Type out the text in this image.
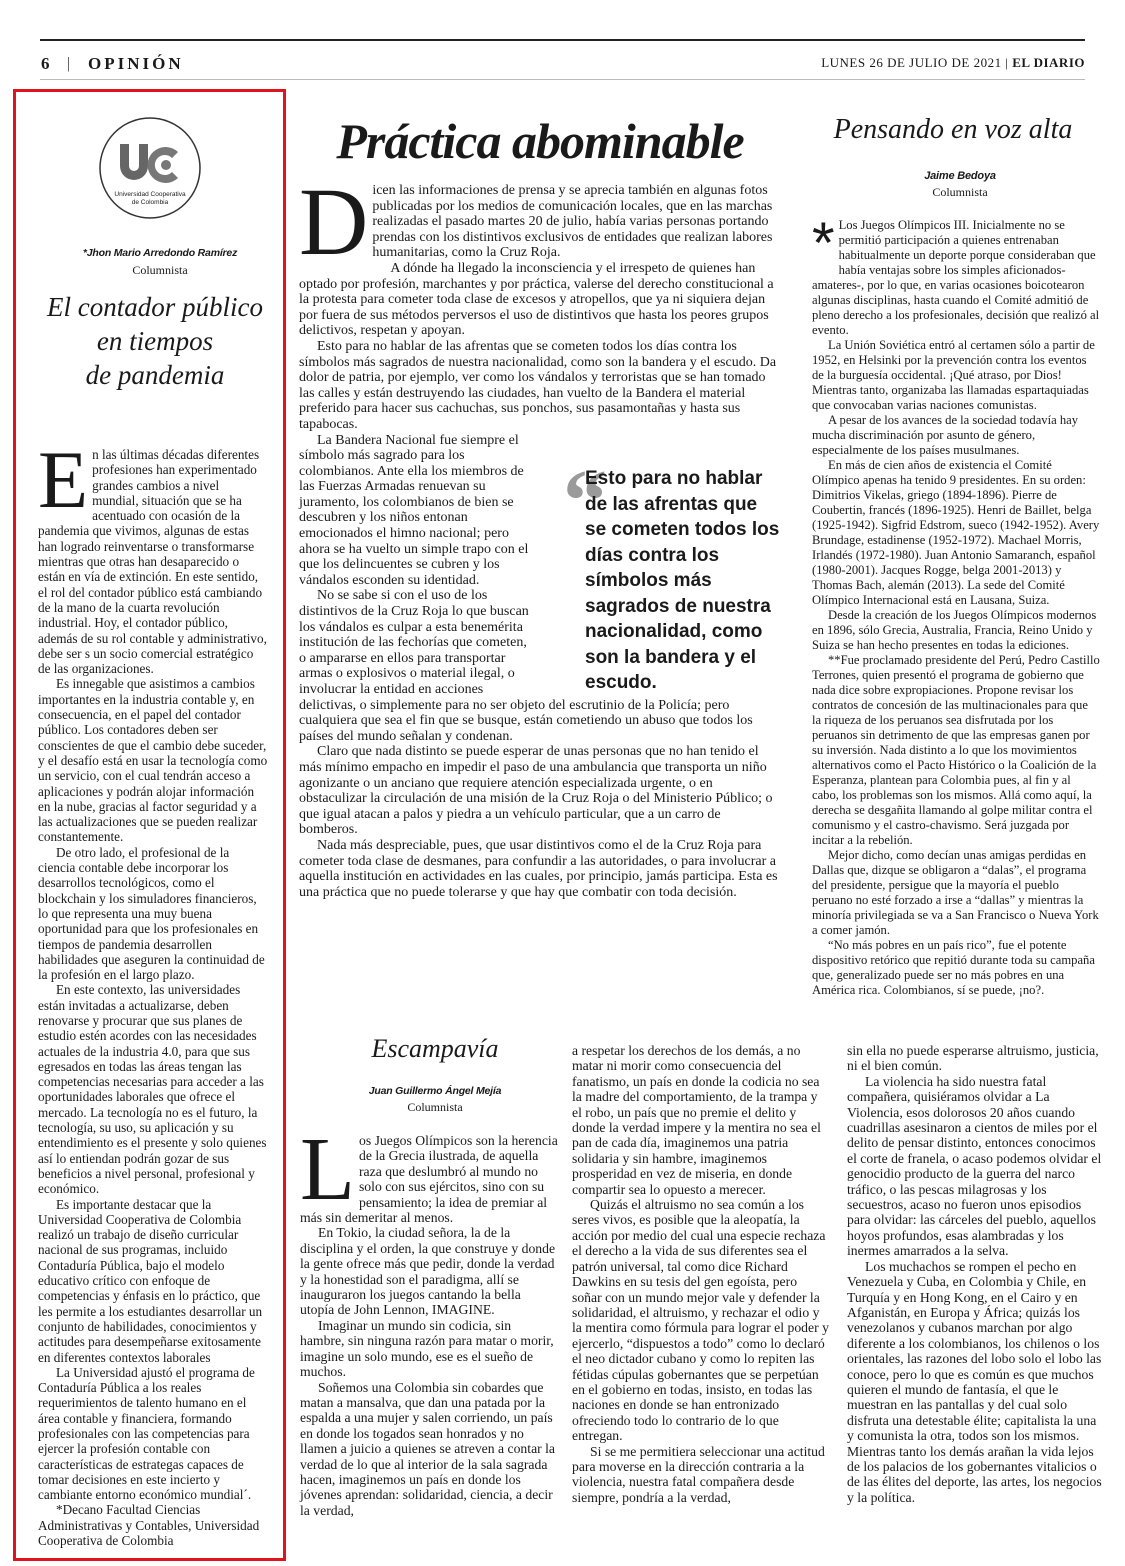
6 | OPINIÓN	LUNES 26 DE JULIO DE 2021 | EL DIARIO
Universidad Cooperativa
de Colombia
*Jhon Mario Arredondo Ramírez
Columnista
El contador público
en tiempos
de pandemia

En las últimas décadas diferentes profesiones han experimentado grandes cambios a nivel mundial, situación que se ha acentuado con ocasión de la pandemia que vivimos, algunas de estas han logrado reinventarse o transformarse mientras que otras han desaparecido o están en vía de extinción. En este sentido, el rol del contador público está cambiando de la mano de la cuarta revolución industrial. Hoy, el contador público, además de su rol contable y administrativo, debe ser s un socio comercial estratégico de las organizaciones.

Es innegable que asistimos a cambios importantes en la industria contable y, en consecuencia, en el papel del contador público. Los contadores deben ser conscientes de que el cambio debe suceder, y el desafío está en usar la tecnología como un servicio, con el cual tendrán acceso a aplicaciones y podrán alojar información en la nube, gracias al factor seguridad y a las actualizaciones que se pueden realizar constantemente.

De otro lado, el profesional de la ciencia contable debe incorporar los desarrollos tecnológicos, como el blockchain y los simuladores financieros, lo que representa una muy buena oportunidad para que los profesionales en tiempos de pandemia desarrollen habilidades que aseguren la continuidad de la profesión en el largo plazo.

En este contexto, las universidades están invitadas a actualizarse, deben renovarse y procurar que sus planes de estudio estén acordes con las necesidades actuales de la industria 4.0, para que sus egresados en todas las áreas tengan las competencias necesarias para acceder a las oportunidades laborales que ofrece el mercado. La tecnología no es el futuro, la tecnología, su uso, su aplicación y su entendimiento es el presente y solo quienes así lo entiendan podrán gozar de sus beneficios a nivel personal, profesional y económico.

Es importante destacar que la Universidad Cooperativa de Colombia realizó un trabajo de diseño curricular nacional de sus programas, incluido Contaduría Pública, bajo el modelo educativo crítico con enfoque de competencias y énfasis en lo práctico, que les permite a los estudiantes desarrollar un conjunto de habilidades, conocimientos y actitudes para desempeñarse exitosamente en diferentes contextos laborales

La Universidad ajustó el programa de Contaduría Pública a los reales requerimientos de talento humano en el área contable y financiera, formando profesionales con las competencias para ejercer la profesión contable con características de estrategas capaces de tomar decisiones en este incierto y cambiante entorno económico mundial´.

*Decano Facultad Ciencias Administrativas y Contables, Universidad Cooperativa de Colombia

Práctica abominable

Dicen las informaciones de prensa y se aprecia también en algunas fotos publicadas por los medios de comunicación locales, que en las marchas realizadas el pasado martes 20 de julio, había varias personas portando prendas con los distintivos exclusivos de entidades que realizan labores humanitarias, como la Cruz Roja.

A dónde ha llegado la inconsciencia y el irrespeto de quienes han optado por profesión, marchantes y por práctica, valerse del derecho constitucional a la protesta para cometer toda clase de excesos y atropellos, que ya ni siquiera dejan por fuera de sus métodos perversos el uso de distintivos que hasta los peores grupos delictivos, respetan y apoyan.

Esto para no hablar de las afrentas que se cometen todos los días contra los símbolos más sagrados de nuestra nacionalidad, como son la bandera y el escudo. Da dolor de patria, por ejemplo, ver como los vándalos y terroristas que se han tomado las calles y están destruyendo las ciudades, han vuelto de la Bandera el material preferido para hacer sus cachuchas, sus ponchos, sus pasamontañas y hasta sus tapabocas.

La Bandera Nacional fue siempre el símbolo más sagrado para los colombianos. Ante ella los miembros de las Fuerzas Armadas renuevan su juramento, los colombianos de bien se descubren y los niños entonan emocionados el himno nacional; pero ahora se ha vuelto un simple trapo con el que los delincuentes se cubren y los vándalos esconden su identidad.

No se sabe si con el uso de los distintivos de la Cruz Roja lo que buscan los vándalos es culpar a esta benemérita institución de las fechorías que cometen, o ampararse en ellos para transportar armas o explosivos o material ilegal, o involucrar la entidad en acciones delictivas, o simplemente para no ser objeto del escrutinio de la Policía; pero cualquiera que sea el fin que se busque, están cometiendo un abuso que todos los países del mundo señalan y condenan.

Claro que nada distinto se puede esperar de unas personas que no han tenido el más mínimo empacho en impedir el paso de una ambulancia que transporta un niño agonizante o un anciano que requiere atención especializada urgente, o en obstaculizar la circulación de una misión de la Cruz Roja o del Ministerio Público; o que igual atacan a palos y piedra a un vehículo particular, que a un carro de bomberos.

Nada más despreciable, pues, que usar distintivos como el de la Cruz Roja para cometer toda clase de desmanes, para confundir a las autoridades, o para involucrar a aquella institución en actividades en las cuales, por principio, jamás participa. Esta es una práctica que no puede tolerarse y que hay que combatir con toda decisión.

“
Esto para no hablar de las afrentas que se cometen todos los días contra los símbolos más sagrados de nuestra nacionalidad, como son la bandera y el escudo.
Pensando en voz alta
Jaime Bedoya
Columnista

* Los Juegos Olímpicos III. Inicialmente no se permitió participación a quienes entrenaban habitualmente un deporte porque consideraban que había ventajas sobre los simples aficionados-amateres-, por lo que, en varias ocasiones boicotearon algunas disciplinas, hasta cuando el Comité admitió de pleno derecho a los profesionales, decisión que realizó al evento.

La Unión Soviética entró al certamen sólo a partir de 1952, en Helsinki por la prevención contra los eventos de la burguesía occidental. ¡Qué atraso, por Dios! Mientras tanto, organizaba las llamadas espartaquiadas que convocaban varias naciones comunistas.

A pesar de los avances de la sociedad todavía hay mucha discriminación por asunto de género, especialmente de los países musulmanes.

En más de cien años de existencia el Comité Olímpico apenas ha tenido 9 presidentes. En su orden: Dimitrios Vikelas, griego (1894-1896). Pierre de Coubertin, francés (1896-1925). Henri de Baillet, belga (1925-1942). Sigfrid Edstrom, sueco (1942-1952). Avery Brundage, estadinense (1952-1972). Machael Morris, Irlandés (1972-1980). Juan Antonio Samaranch, español (1980-2001). Jacques Rogge, belga 2001-2013) y Thomas Bach, alemán (2013). La sede del Comité Olímpico Internacional está en Lausana, Suiza.

Desde la creación de los Juegos Olímpicos modernos en 1896, sólo Grecia, Australia, Francia, Reino Unido y Suiza se han hecho presentes en todas la ediciones.

**Fue proclamado presidente del Perú, Pedro Castillo Terrones, quien presentó el programa de gobierno que nada dice sobre expropiaciones. Propone revisar los contratos de concesión de las multinacionales para que la riqueza de los peruanos sea disfrutada por los peruanos sin detrimento de que las empresas ganen por su inversión. Nada distinto a lo que los movimientos alternativos como el Pacto Histórico o la Coalición de la Esperanza, plantean para Colombia pues, al fin y al cabo, los problemas son los mismos. Allá como aquí, la derecha se desgañita llamando al golpe militar contra el comunismo y el castro-chavismo. Será juzgada por incitar a la rebelión.

Mejor dicho, como decían unas amigas perdidas en Dallas que, dizque se obligaron a “dalas”, el programa del presidente, persigue que la mayoría el pueblo peruano no esté forzado a irse a “dallas” y mientras la minoría privilegiada se va a San Francisco o Nueva York a comer jamón.

“No más pobres en un país rico”, fue el potente dispositivo retórico que repitió durante toda su campaña que, generalizado puede ser no más pobres en una América rica. Colombianos, sí se puede, ¡no?.

Escampavía
Juan Guillermo Ángel Mejía
Columnista

Los Juegos Olímpicos son la herencia de la Grecia ilustrada, de aquella raza que deslumbró al mundo no solo con sus ejércitos, sino con su pensamiento; la idea de premiar al más sin demeritar al menos.

En Tokio, la ciudad señora, la de la disciplina y el orden, la que construye y donde la gente ofrece más que pedir, donde la verdad y la honestidad son el paradigma, allí se inauguraron los juegos cantando la bella utopía de John Lennon, IMAGINE.

Imaginar un mundo sin codicia, sin hambre, sin ninguna razón para matar o morir, imagine un solo mundo, ese es el sueño de muchos.

Soñemos una Colombia sin cobardes que matan a mansalva, que dan una patada por la espalda a una mujer y salen corriendo, un país en donde los togados sean honrados y no llamen a juicio a quienes se atreven a contar la verdad de lo que al interior de la sala sagrada hacen, imaginemos un país en donde los jóvenes aprendan: solidaridad, ciencia, a decir la verdad,

a respetar los derechos de los demás, a no matar ni morir como consecuencia del fanatismo, un país en donde la codicia no sea la madre del comportamiento, de la trampa y el robo, un país que no premie el delito y donde la verdad impere y la mentira no sea el pan de cada día, imaginemos una patria solidaria y sin hambre, imaginemos prosperidad en vez de miseria, en donde compartir sea lo opuesto a merecer.

Quizás el altruismo no sea común a los seres vivos, es posible que la aleopatía, la acción por medio del cual una especie rechaza el derecho a la vida de sus diferentes sea el patrón universal, tal como dice Richard Dawkins en su tesis del gen egoísta, pero soñar con un mundo mejor vale y defender la solidaridad, el altruismo, y rechazar el odio y la mentira como fórmula para lograr el poder y ejercerlo, “dispuestos a todo” como lo declaró el neo dictador cubano y como lo repiten las fétidas cúpulas gobernantes que se perpetúan en el gobierno en todas, insisto, en todas las naciones en donde se han entronizado ofreciendo todo lo contrario de lo que entregan.

Si se me permitiera seleccionar una actitud para moverse en la dirección contraria a la violencia, nuestra fatal compañera desde siempre, pondría a la verdad,

sin ella no puede esperarse altruismo, justicia, ni el bien común.

La violencia ha sido nuestra fatal compañera, quisiéramos olvidar a La Violencia, esos dolorosos 20 años cuando cuadrillas asesinaron a cientos de miles por el delito de pensar distinto, entonces conocimos el corte de franela, o acaso podemos olvidar el genocidio producto de la guerra del narco tráfico, o las pescas milagrosas y los secuestros, acaso no fueron unos episodios para olvidar: las cárceles del pueblo, aquellos hoyos profundos, esas alambradas y los inermes amarrados a la selva.

Los muchachos se rompen el pecho en Venezuela y Cuba, en Colombia y Chile, en Turquía y en Hong Kong, en el Cairo y en Afganistán, en Europa y África; quizás los venezolanos y cubanos marchan por algo diferente a los colombianos, los chilenos o los orientales, las razones del lobo solo el lobo las conoce, pero lo que es común es que muchos quieren el mundo de fantasía, el que le muestran en las pantallas y del cual solo disfruta una detestable élite; capitalista la una y comunista la otra, todos son los mismos. Mientras tanto los demás arañan la vida lejos de los palacios de los gobernantes vitalicios o de las élites del deporte, las artes, los negocios y la política.
